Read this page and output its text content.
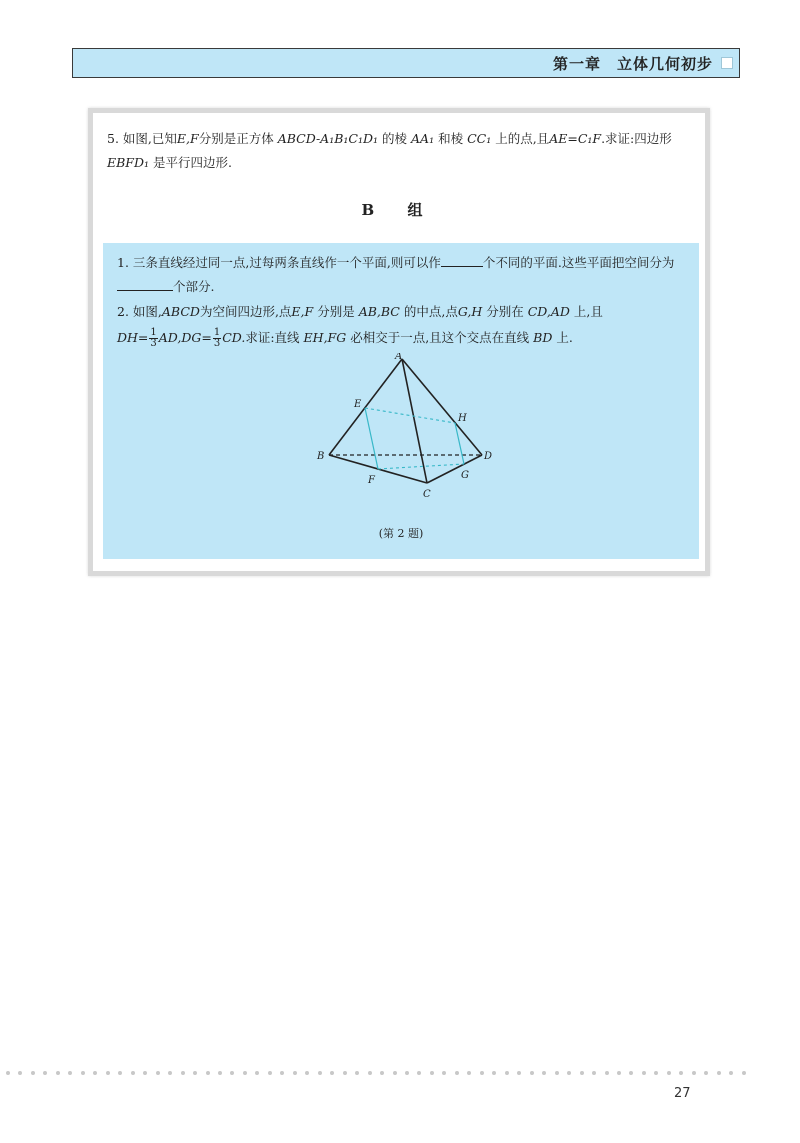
第一章　立体几何初步
5. 如图,已知E,F分别是正方体 ABCD-A₁B₁C₁D₁ 的棱 AA₁ 和棱 CC₁ 上的点,且AE=C₁F.求证:四边形 EBFD₁ 是平行四边形.
B 组
1. 三条直线经过同一点,过每两条直线作一个平面,则可以作	个不同的平面.这些平面把空间分为个部分.
2. 如图,ABCD为空间四边形,点E,F 分别是 AB,BC 的中点,点G,H 分别在 CD,AD 上,且
$DH= \frac{1}{3} AD,DG= \frac{1}{3}$ CD.求证:直线 EH,FG 必相交于一点,且这个交点在直线 BD 上.
A
B
C
D
E
F	G
H
(第 2 题)
27
